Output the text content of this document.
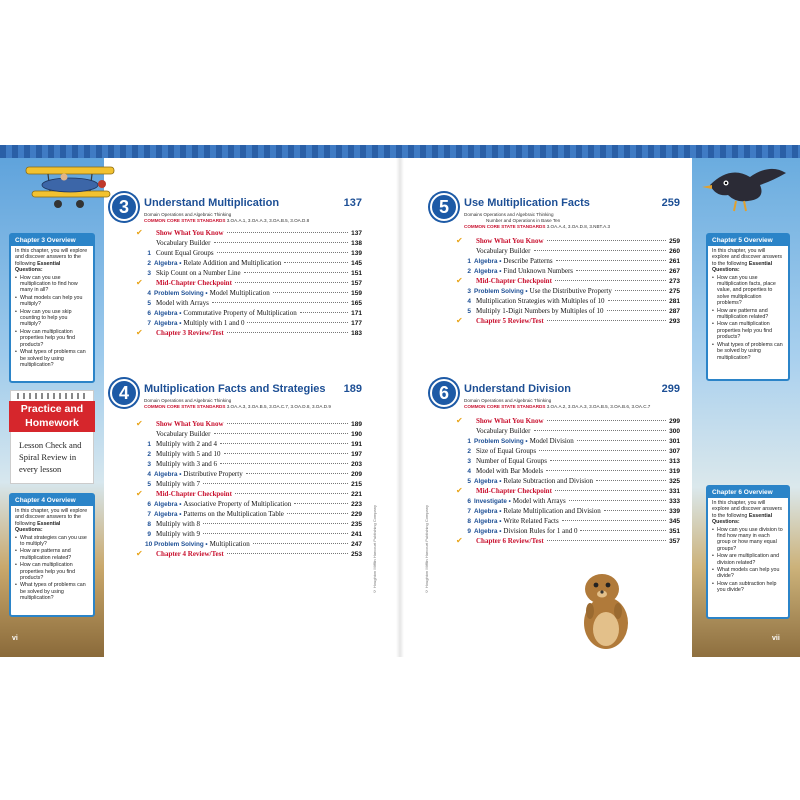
Chapter 3 Overview
In this chapter, you will explore and discover answers to the following Essential Questions:
• How can you use multiplication to find how many in all?
• What models can help you multiply?
• How can you use skip counting to help you multiply?
• How can multiplication properties help you find products?
• What types of problems can be solved by using multiplication?
Practice and Homework
Lesson Check and
Spiral Review in
every lesson
Chapter 4 Overview
In this chapter, you will explore and discover answers to the following Essential Questions:
• What strategies can you use to multiply?
• How are patterns and multiplication related?
• How can multiplication properties help you find products?
• What types of problems can be solved by using multiplication?
vi
3	Understand Multiplication	137
Domain Operations and Algebraic Thinking
COMMON CORE STATE STANDARDS 3.OA.A.1, 3.OA.A.3, 3.OA.B.5, 3.OA.D.8
✔	Show What You Know	137
Vocabulary Builder	138
1 Count Equal Groups	139
2 Algebra • Relate Addition and Multiplication	145
3 Skip Count on a Number Line	151
✔	Mid-Chapter Checkpoint	157
4 Problem Solving • Model Multiplication	159
5 Model with Arrays	165
6 Algebra • Commutative Property of Multiplication	171
7 Algebra • Multiply with 1 and 0	177
✔	Chapter 3 Review/Test	183
4	Multiplication Facts and Strategies 189
Domain Operations and Algebraic Thinking
COMMON CORE STATE STANDARDS 3.OA.A.3, 3.OA.B.5, 3.OA.C.7, 3.OA.D.8, 3.OA.D.9
✔	Show What You Know	189
Vocabulary Builder	190
1 Multiply with 2 and 4	191
2 Multiply with 5 and 10	197
3 Multiply with 3 and 6	203
4 Algebra • Distributive Property	209
5 Multiply with 7	215
✔	Mid-Chapter Checkpoint	221
6 Algebra • Associative Property of Multiplication	223
7 Algebra • Patterns on the Multiplication Table	229
8 Multiply with 8	235
9 Multiply with 9	241
10 Problem Solving • Multiplication	247
✔	Chapter 4 Review/Test	253	© Houghton Mifflin Harcourt Publishing Company	© Houghton Mifflin Harcourt Publishing Company
5	Use Multiplication Facts	259
Domains Operations and Algebraic Thinking
Number and Operations in Base Ten
COMMON CORE STATE STANDARDS 3.OA.A.4, 3.OA.D.8, 3.NBT.A.3
✔	Show What You Know	259
Vocabulary Builder	260
1 Algebra • Describe Patterns	261
2 Algebra • Find Unknown Numbers	267
✔	Mid-Chapter Checkpoint	273
3 Problem Solving • Use the Distributive Property	275
4 Multiplication Strategies with Multiples of 10	281
5 Multiply 1-Digit Numbers by Multiples of 10	287
✔	Chapter 5 Review/Test	293
6	Understand Division	299
Domain Operations and Algebraic Thinking
COMMON CORE STATE STANDARDS 3.OA.A.2, 3.OA.A.3, 3.OA.B.5, 3.OA.B.6, 3.OA.C.7
✔	Show What You Know	299
Vocabulary Builder	300
1 Problem Solving • Model Division	301
2 Size of Equal Groups	307
3 Number of Equal Groups	313
4 Model with Bar Models	319
5 Algebra • Relate Subtraction and Division	325
✔	Mid-Chapter Checkpoint	331
6 Investigate • Model with Arrays	333
7 Algebra • Relate Multiplication and Division	339
8 Algebra • Write Related Facts	345
9 Algebra • Division Rules for 1 and 0	351
✔	Chapter 6 Review/Test	357
Chapter 5 Overview
In this chapter, you will explore and discover answers to the following Essential Questions:
• How can you use multiplication facts, place value, and properties to solve multiplication problems?
• How are patterns and multiplication related?
• How can multiplication properties help you find products?
• What types of problems can be solved by using multiplication?
Chapter 6 Overview
In this chapter, you will explore and discover answers to the following Essential Questions:
• How can you use division to find how many in each group or how many equal groups?
• How are multiplication and division related?
• What models can help you divide?
• How can subtraction help you divide?
vii
